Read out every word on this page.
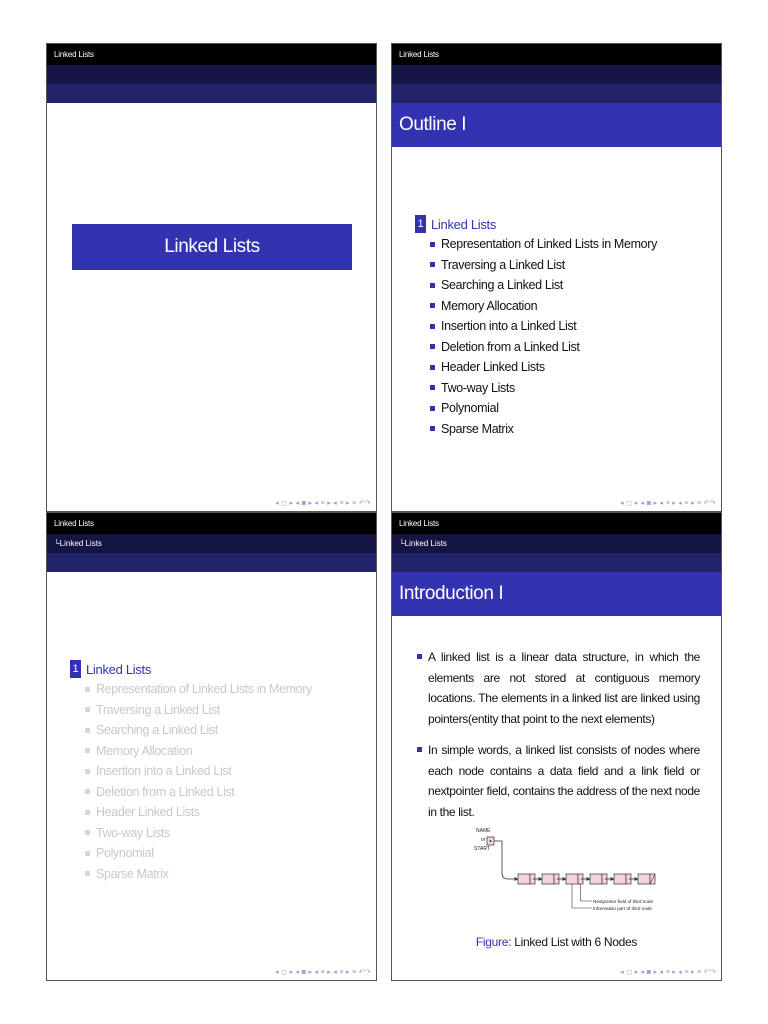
Linked Lists
Linked Lists
◂ ◻ ▸ ◂ ◙ ▸ ◂ ≡ ▸ ◂ ≡ ▸ ≡ ↶↷
Linked Lists
Outline I
1 Linked Lists
Representation of Linked Lists in Memory
Traversing a Linked List
Searching a Linked List
Memory Allocation
Insertion into a Linked List
Deletion from a Linked List
Header Linked Lists
Two-way Lists
Polynomial
Sparse Matrix
◂ ◻ ▸ ◂ ◙ ▸ ◂ ≡ ▸ ◂ ≡ ▸ ≡ ↶↷
Linked Lists
└Linked Lists
1 Linked Lists
Representation of Linked Lists in Memory
Traversing a Linked List
Searching a Linked List
Memory Allocation
Insertion into a Linked List
Deletion from a Linked List
Header Linked Lists
Two-way Lists
Polynomial
Sparse Matrix
◂ ◻ ▸ ◂ ◙ ▸ ◂ ≡ ▸ ◂ ≡ ▸ ≡ ↶↷
Linked Lists
└Linked Lists
Introduction I
A linked list is a linear data structure, in which the elements are not stored at contiguous memory locations. The elements in a linked list are linked using pointers(entity that point to the next elements)
In simple words, a linked list consists of nodes where each node contains a data field and a link field or nextpointer field, contains the address of the next node in the list.
NAME
or
START
Nextpointer field of third node
Information part of third node
Figure: Linked List with 6 Nodes
◂ ◻ ▸ ◂ ◙ ▸ ◂ ≡ ▸ ◂ ≡ ▸ ≡ ↶↷
